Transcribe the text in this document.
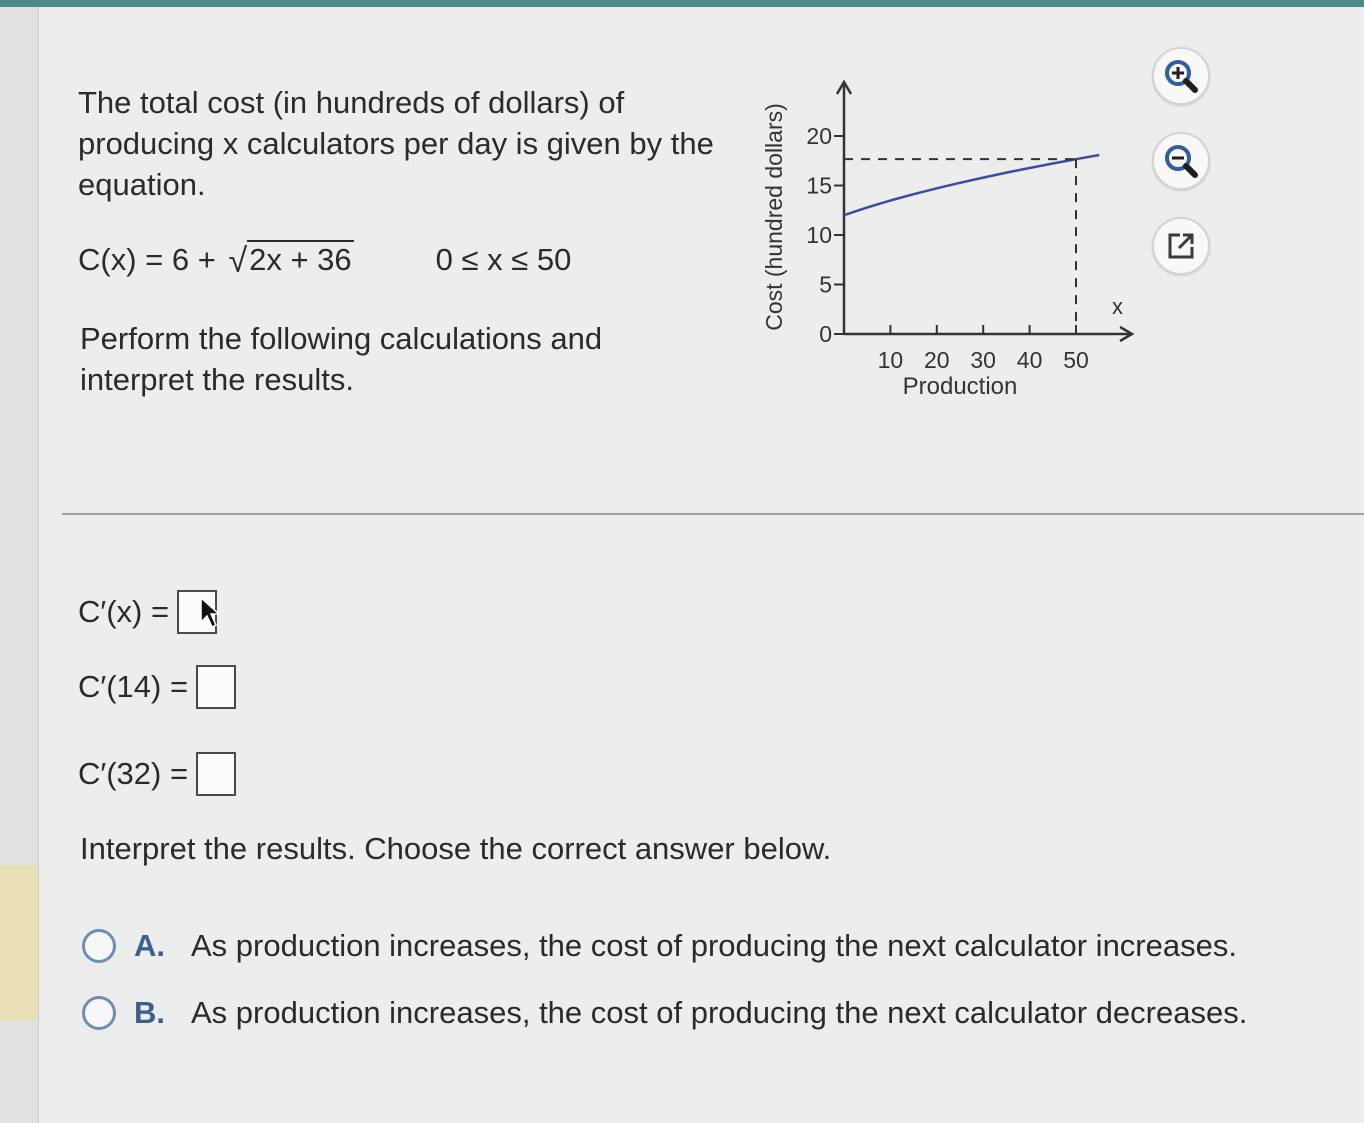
The total cost (in hundreds of dollars) of producing x calculators per day is given by the equation.
C(x) = 6 + √2x + 36	0 ≤ x ≤ 50
Perform the following calculations and interpret the results.
Cost (hundred dollars)
Production
x
0
5
10
15
20
10 20 30 40 50
C′(x) =
C′(14) =
C′(32) =
Interpret the results. Choose the correct answer below.
A. As production increases, the cost of producing the next calculator increases.
B. As production increases, the cost of producing the next calculator decreases.
